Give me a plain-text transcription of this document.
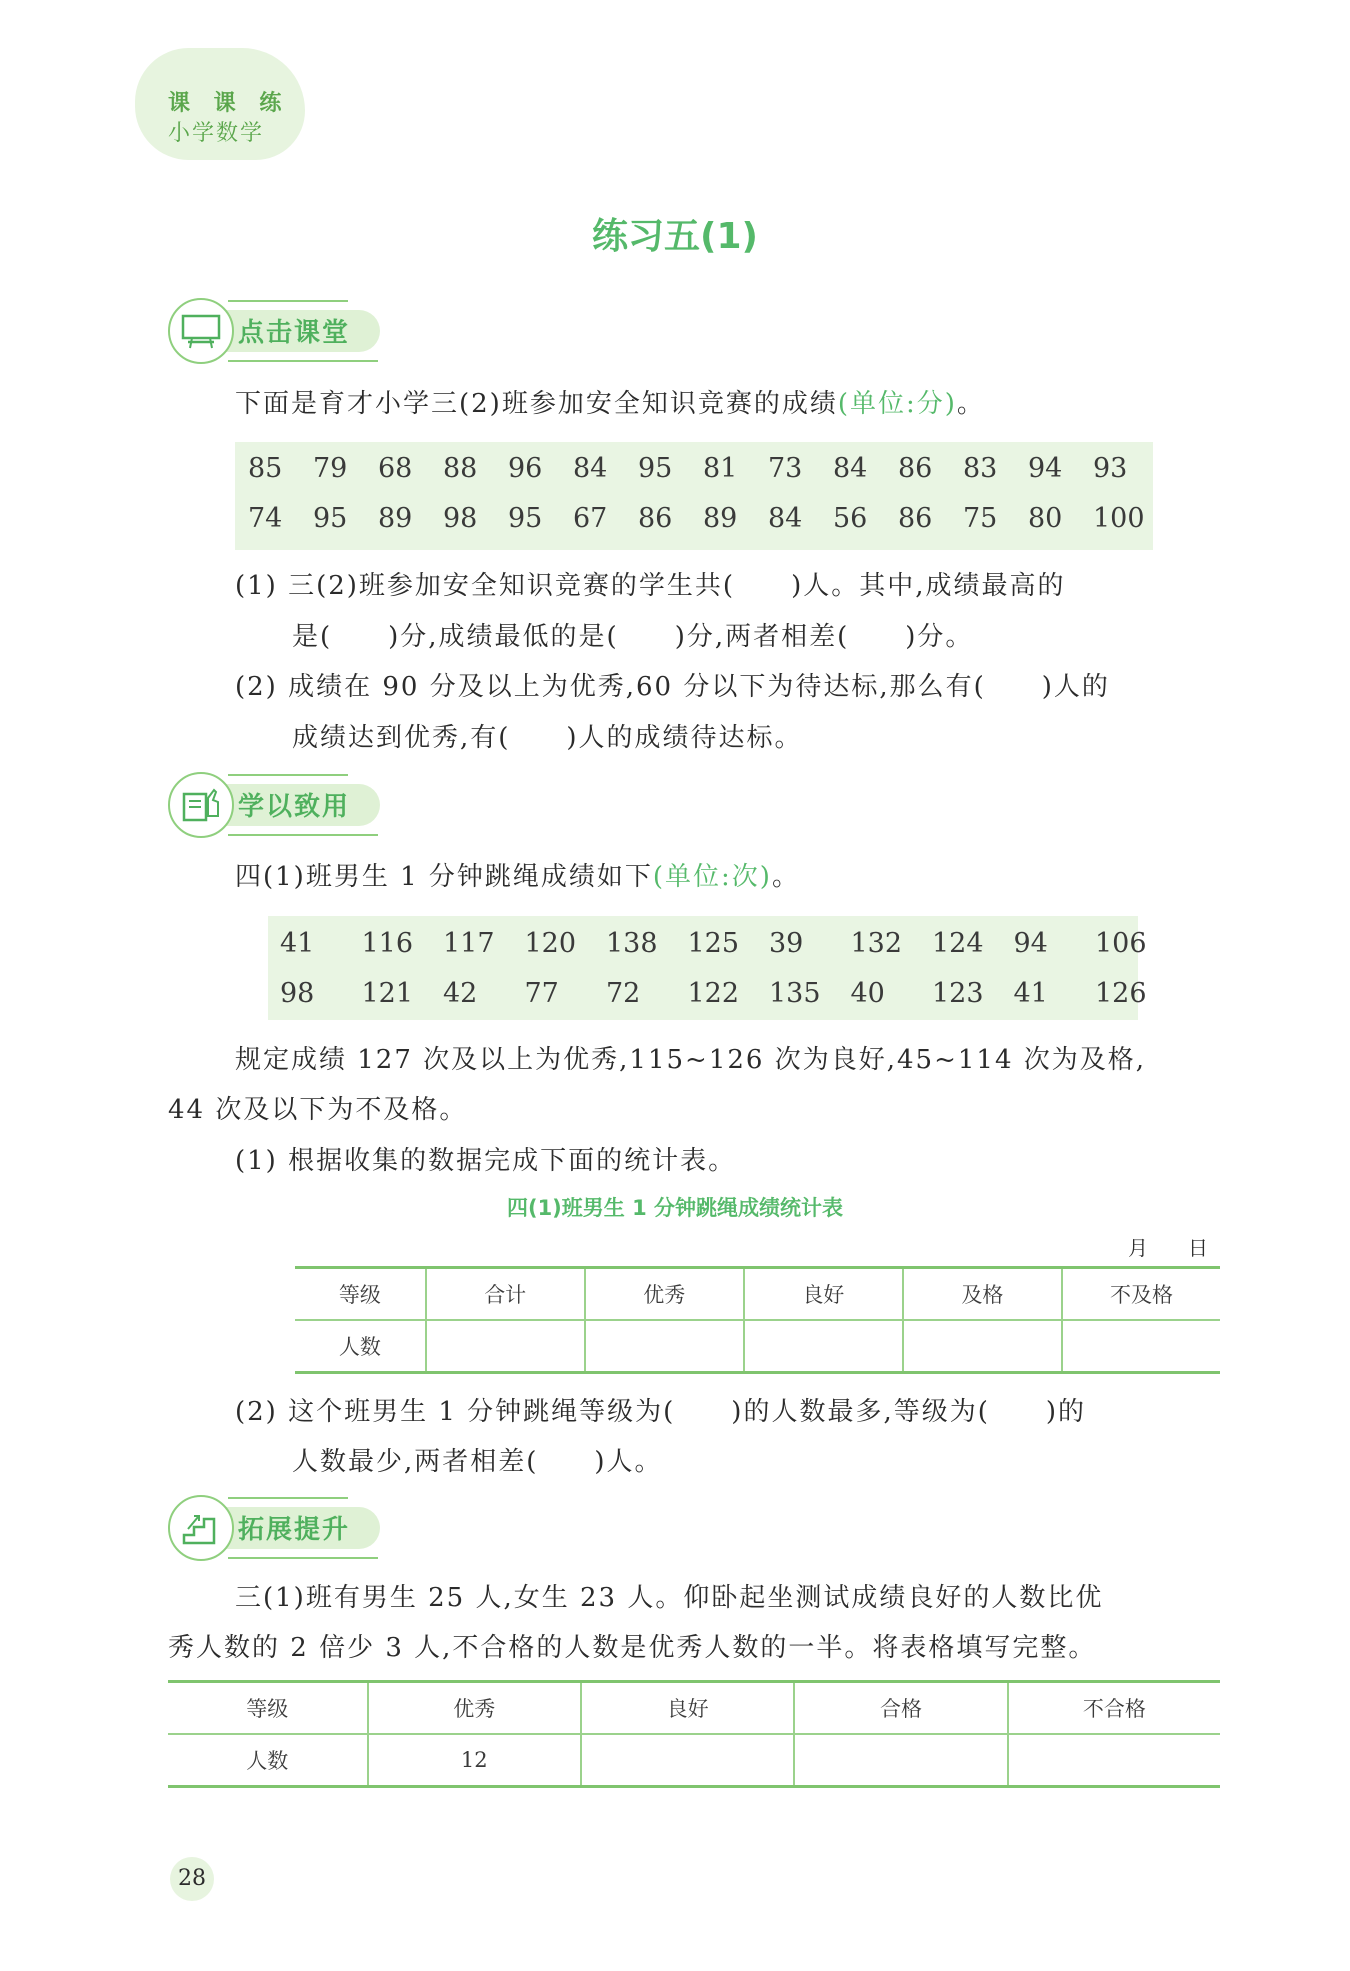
课 课 练
小学数学
练习五(1)
点击课堂
下面是育才小学三(2)班参加安全知识竞赛的成绩(单位:分)。
85 79 68 88 96 84 95 81 73 84 86 83 94 93
74 95 89 98 95 67 86 89 84 56 86 75 80 100
(1) 三(2)班参加安全知识竞赛的学生共(　　)人。其中,成绩最高的
是(　　)分,成绩最低的是(　　)分,两者相差(　　)分。
(2) 成绩在 90 分及以上为优秀,60 分以下为待达标,那么有(　　)人的
成绩达到优秀,有(　　)人的成绩待达标。
学以致用
四(1)班男生 1 分钟跳绳成绩如下(单位:次)。
41 116 117 120 138 125 39 132 124 94 106
98 121 42 77 72 122 135 40 123 41 126
规定成绩 127 次及以上为优秀,115~126 次为良好,45~114 次为及格,
44 次及以下为不及格。
(1) 根据收集的数据完成下面的统计表。
四(1)班男生 1 分钟跳绳成绩统计表
月　　日
等级	合计	优秀	良好	及格	不及格
人数					
(2) 这个班男生 1 分钟跳绳等级为(　　)的人数最多,等级为(　　)的
人数最少,两者相差(　　)人。
拓展提升
三(1)班有男生 25 人,女生 23 人。仰卧起坐测试成绩良好的人数比优
秀人数的 2 倍少 3 人,不合格的人数是优秀人数的一半。将表格填写完整。
等级	优秀	良好	合格	不合格
人数	12			
28
